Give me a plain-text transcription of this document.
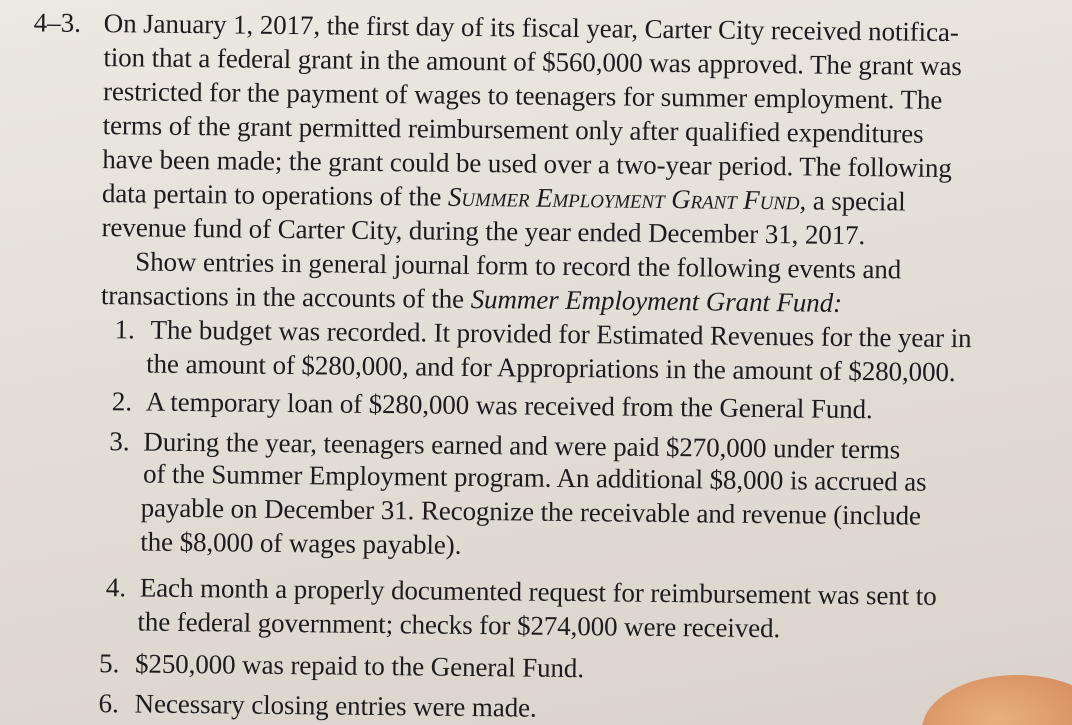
4–3. On January 1, 2017, the first day of its fiscal year, Carter City received notifica-
tion that a federal grant in the amount of $560,000 was approved. The grant was
restricted for the payment of wages to teenagers for summer employment. The
terms of the grant permitted reimbursement only after qualified expenditures
have been made; the grant could be used over a two-year period. The following
data pertain to operations of the Summer Employment Grant Fund, a special
revenue fund of Carter City, during the year ended December 31, 2017.
Show entries in general journal form to record the following events and
transactions in the accounts of the Summer Employment Grant Fund:
1. The budget was recorded. It provided for Estimated Revenues for the year in
the amount of $280,000, and for Appropriations in the amount of $280,000.
2. A temporary loan of $280,000 was received from the General Fund.
3. During the year, teenagers earned and were paid $270,000 under terms
of the Summer Employment program. An additional $8,000 is accrued as
payable on December 31. Recognize the receivable and revenue (include
the $8,000 of wages payable).
4. Each month a properly documented request for reimbursement was sent to
the federal government; checks for $274,000 were received.
5. $250,000 was repaid to the General Fund.
6. Necessary closing entries were made.
